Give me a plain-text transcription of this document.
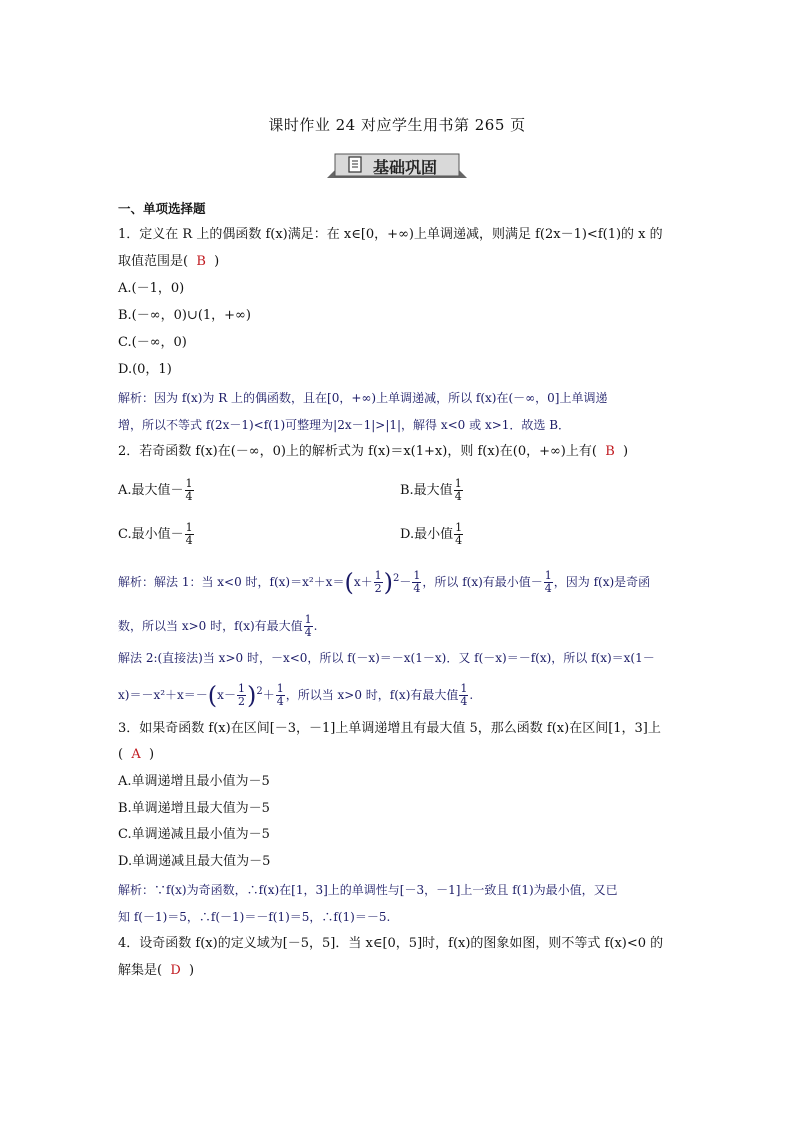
课时作业 24 对应学生用书第 265 页
基础巩固
一、单项选择题
1．定义在 R 上的偶函数 f(x)满足：在 x∈[0，+∞)上单调递减，则满足 f(2x－1)<f(1)的 x 的
取值范围是( B )
A.(－1，0)
B.(－∞，0)∪(1，+∞)
C.(－∞，0)
D.(0，1)
解析：因为 f(x)为 R 上的偶函数，且在[0，+∞)上单调递减，所以 f(x)在(－∞，0]上单调递
增，所以不等式 f(2x－1)<f(1)可整理为|2x－1|>|1|，解得 x<0 或 x>1．故选 B．
2．若奇函数 f(x)在(－∞，0)上的解析式为 f(x)＝x(1+x)，则 f(x)在(0，+∞)上有( B )
A.最大值－ $\frac{1}{4}$	B.最大值 $\frac{1}{4}$
C.最小值－ $\frac{1}{4}$	D.最小值 $\frac{1}{4}$
解析：解法 1：当 x<0 时，$f(x)=x^2+x=(x+ \frac{1}{2} )^2- \frac{1}{4}$ ，所以 f(x)有最小值－ $\frac{1}{4}$ ，因为 f(x)是奇函
数，所以当 x>0 时，f(x)有最大值 $\frac{1}{4}$ .
解法 2:(直接法)当 x>0 时，－x<0，所以 f(－x)＝－x(1－x)．又 f(－x)＝－f(x)，所以 f(x)＝x(1－
$x)=-x^2+x=-(x- \frac{1}{2} )^2+ \frac{1}{4}$ ，所以当 x>0 时，f(x)有最大值 $\frac{1}{4}$ .
3．如果奇函数 f(x)在区间[－3，－1]上单调递增且有最大值 5，那么函数 f(x)在区间[1，3]上
( A )
A.单调递增且最小值为－5
B.单调递增且最大值为－5
C.单调递减且最小值为－5
D.单调递减且最大值为－5
解析：∵f(x)为奇函数，∴f(x)在[1，3]上的单调性与[－3，－1]上一致且 f(1)为最小值，又已
知 f(－1)＝5，∴f(－1)＝－f(1)＝5，∴f(1)＝－5.
4．设奇函数 f(x)的定义域为[－5，5]．当 x∈[0，5]时，f(x)的图象如图，则不等式 f(x)<0 的
解集是( D )
